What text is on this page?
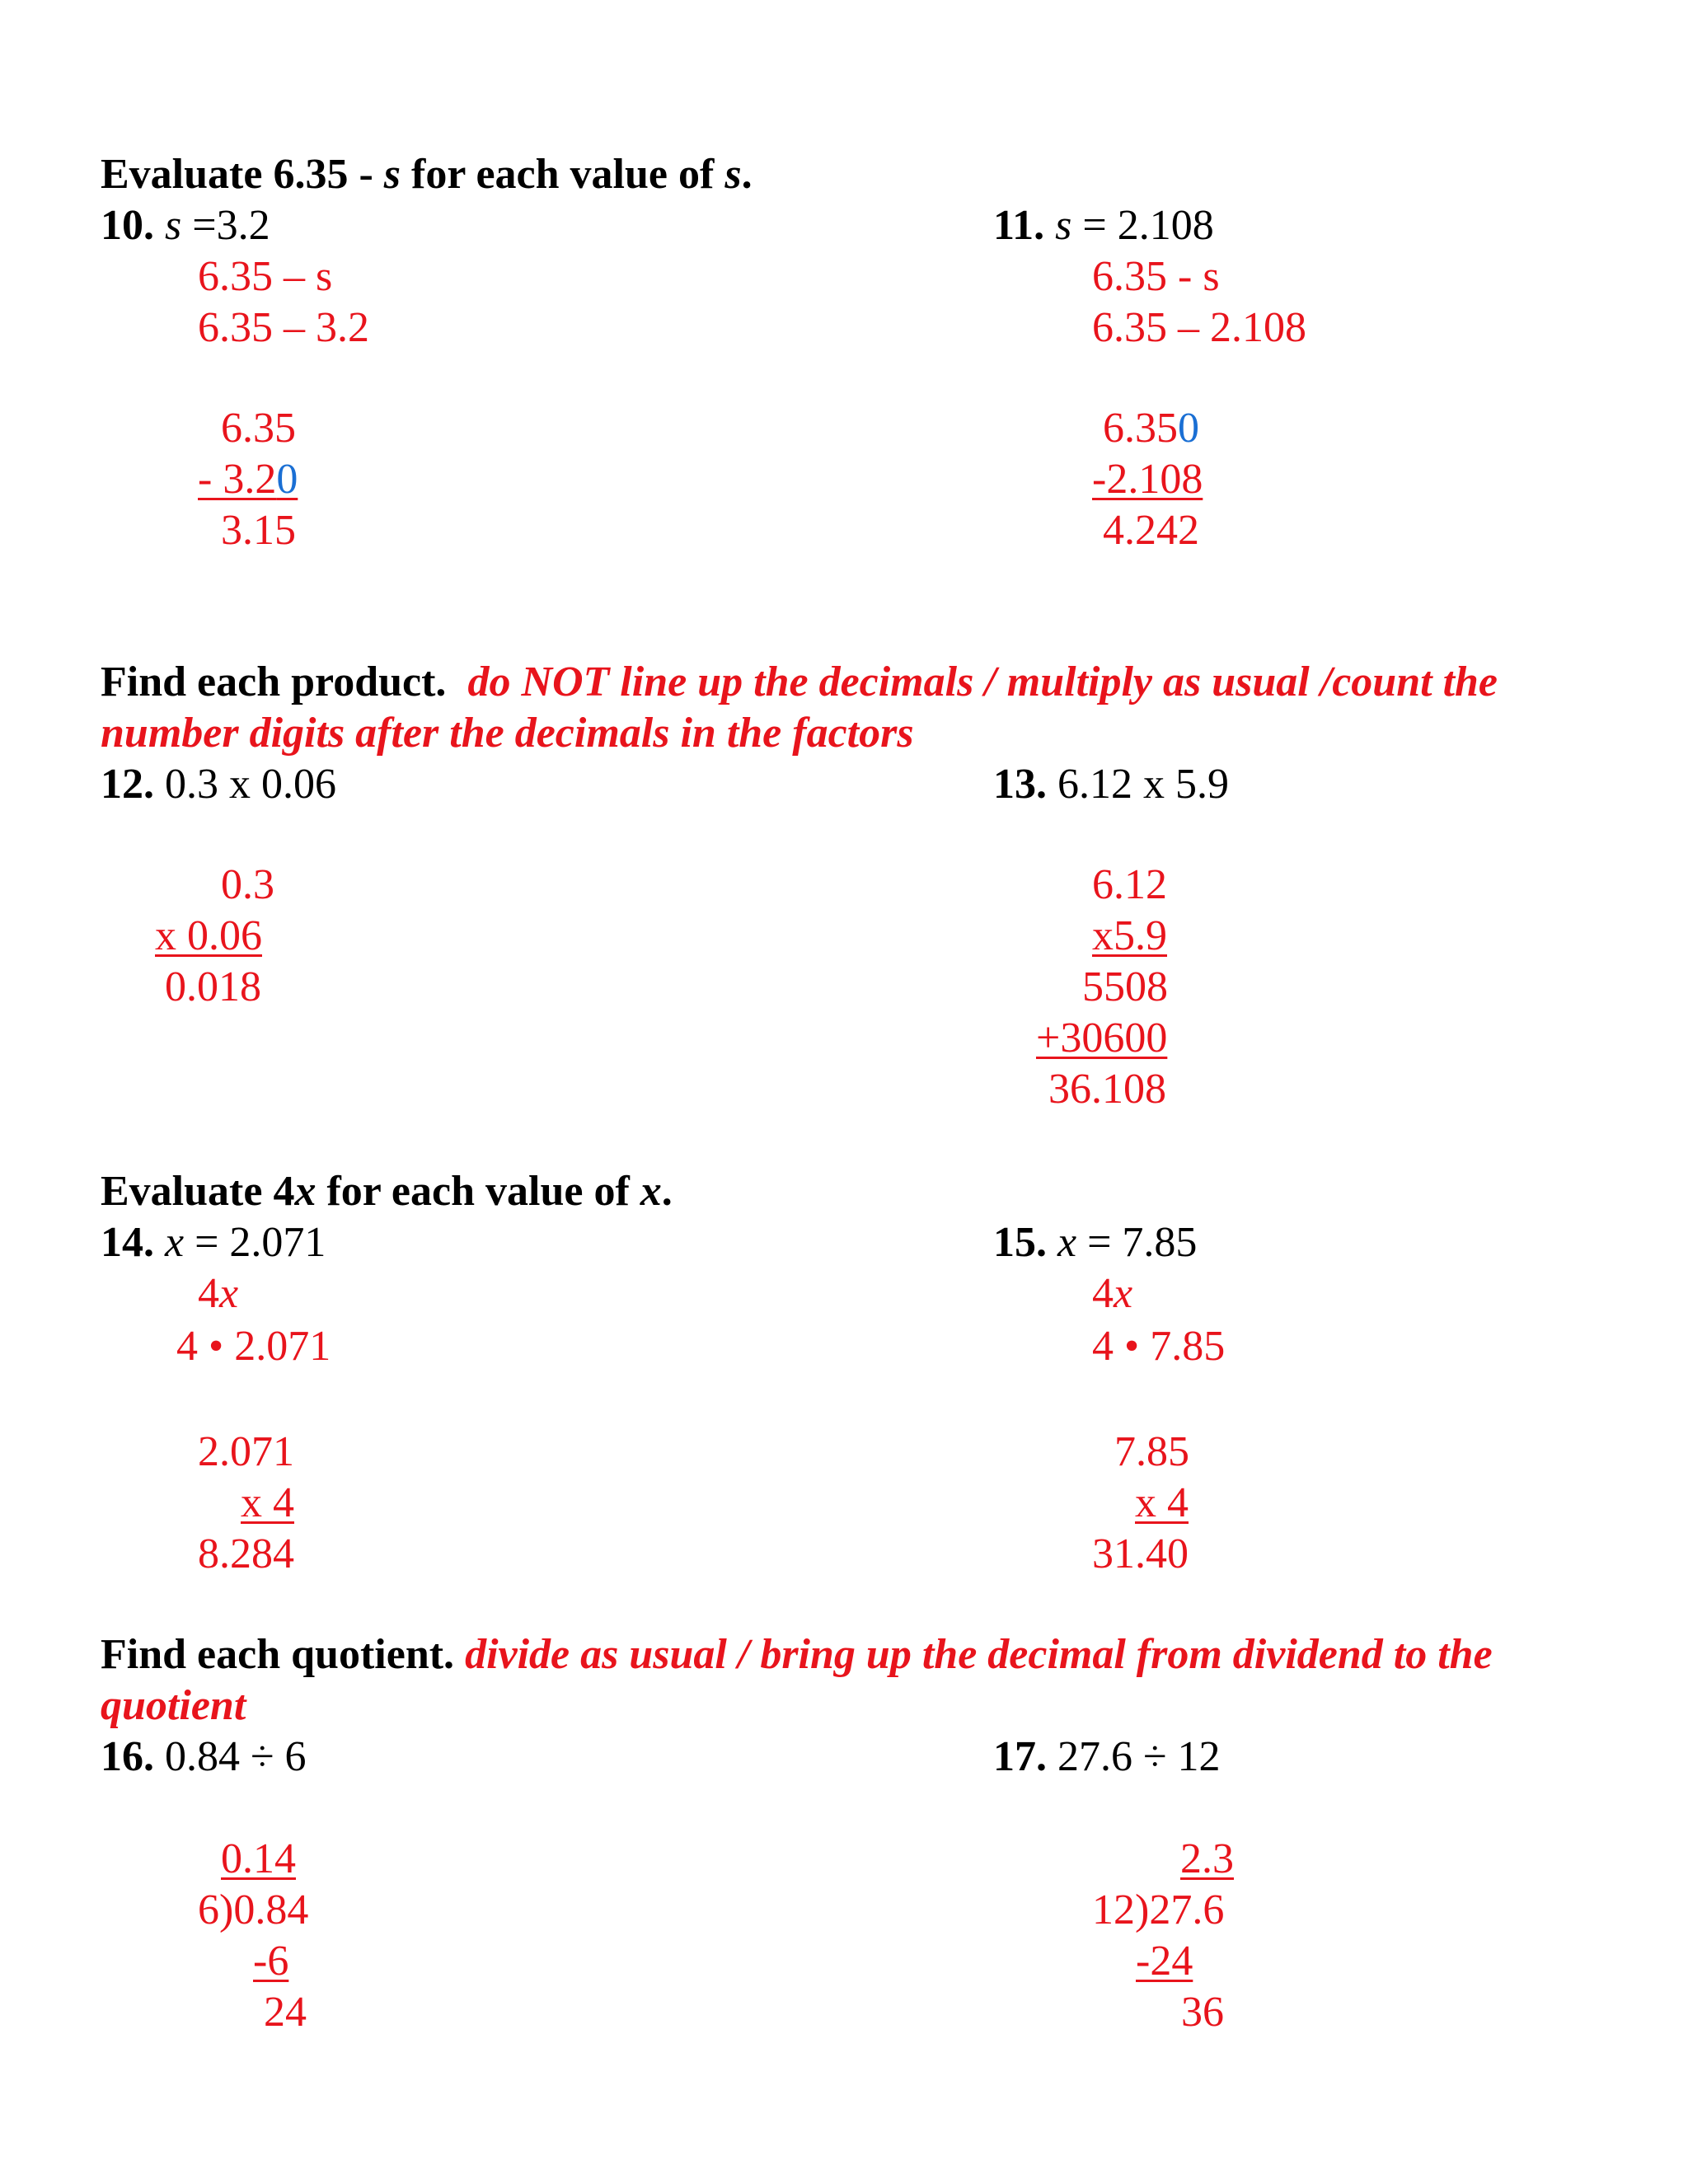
Evaluate 6.35 - s for each value of s.
10. s =3.2
6.35 – s
6.35 – 3.2
6.35
- 3.20
3.15
11. s = 2.108
6.35 - s
6.35 – 2.108
6.350
-2.108
4.242
Find each product. do NOT line up the decimals / multiply as usual /count the
number digits after the decimals in the factors
12. 0.3 x 0.06
0.3
x 0.06
0.018
13. 6.12 x 5.9
6.12
x5.9
5508
+30600
36.108
Evaluate 4x for each value of x.
14. x = 2.071
4x
4 • 2.071
2.071
x 4
8.284
15. x = 7.85
4x
4 • 7.85
7.85
x 4
31.40
Find each quotient. divide as usual / bring up the decimal from dividend to the
quotient
16. 0.84 ÷ 6
0.14
6)0.84
-6
24
17. 27.6 ÷ 12
2.3
12)27.6
-24
36
